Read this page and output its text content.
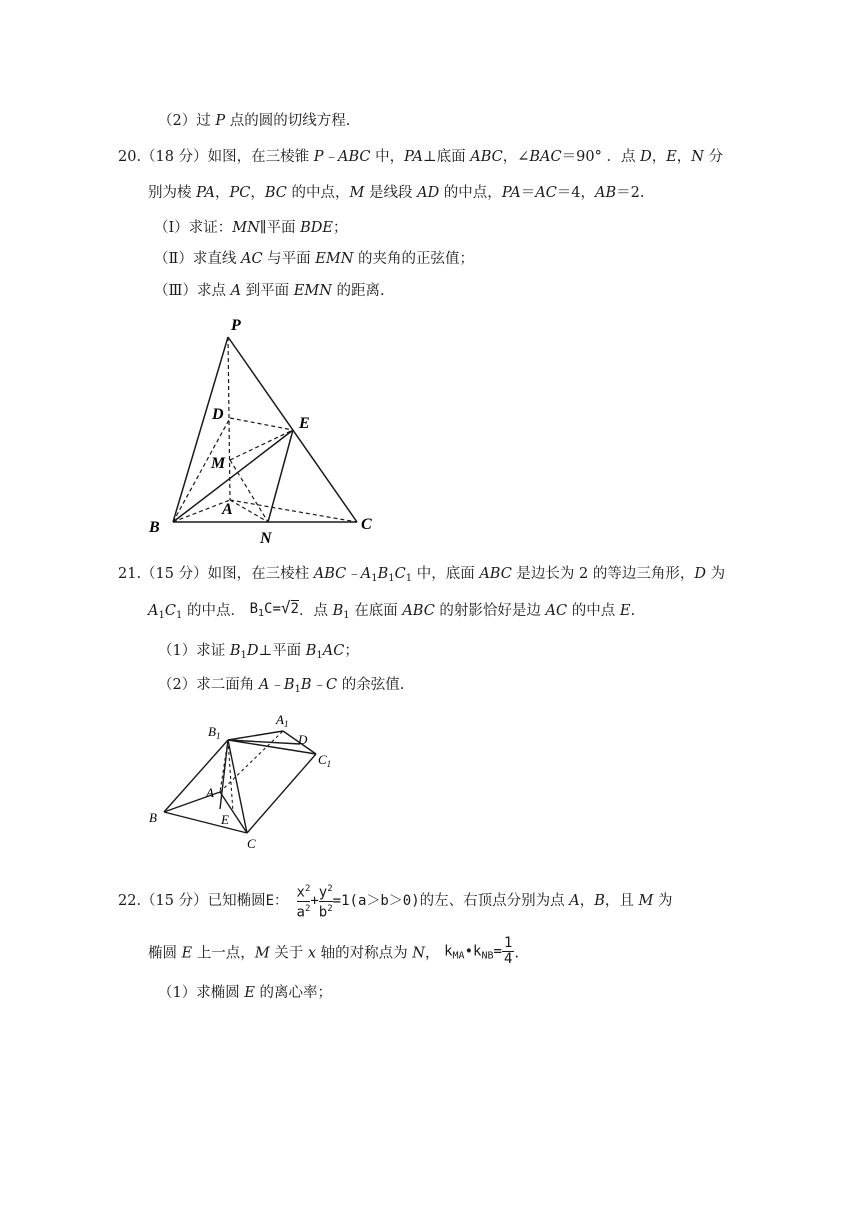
（2）过 P 点的圆的切线方程.
20.（18 分）如图，在三棱锥 P﹣ABC 中，PA⊥底面 ABC，∠BAC＝90° ．点 D，E，N 分
别为棱 PA，PC，BC 的中点，M 是线段 AD 的中点，PA＝AC＝4，AB＝2.
（Ⅰ）求证：MN∥平面 BDE；
（Ⅱ）求直线 AC 与平面 EMN 的夹角的正弦值；
（Ⅲ）求点 A 到平面 EMN 的距离.
P
D
E
M
A
B
N
C
21.（15 分）如图，在三棱柱 $ABC﹣A_1B_1C_1$ 中，底面 ABC 是边长为 2 的等边三角形，D 为
$A_1C_1$ 的中点． $B_1C=√2$．点 $B_1$ 在底面 ABC 的射影恰好是边 AC 的中点 E.
（1）求证 $B_1D\perp$平面 $B_1AC$；
（2）求二面角 $A﹣B_1B﹣C$ 的余弦值.
$B_1$
$A_1$
D
$C_1$
A
B	E
C
22.（15 分）已知椭圆E： $\frac{x^2}{a^2} + \frac{y^2}{b^2} =1(a>b>0)$的左、右顶点分别为点 A，B，且 M 为
椭圆 E 上一点，M 关于 x 轴的对称点为 N， $k_{MA}•k_{NB}= \frac{1}{4}$ .
（1）求椭圆 E 的离心率；
